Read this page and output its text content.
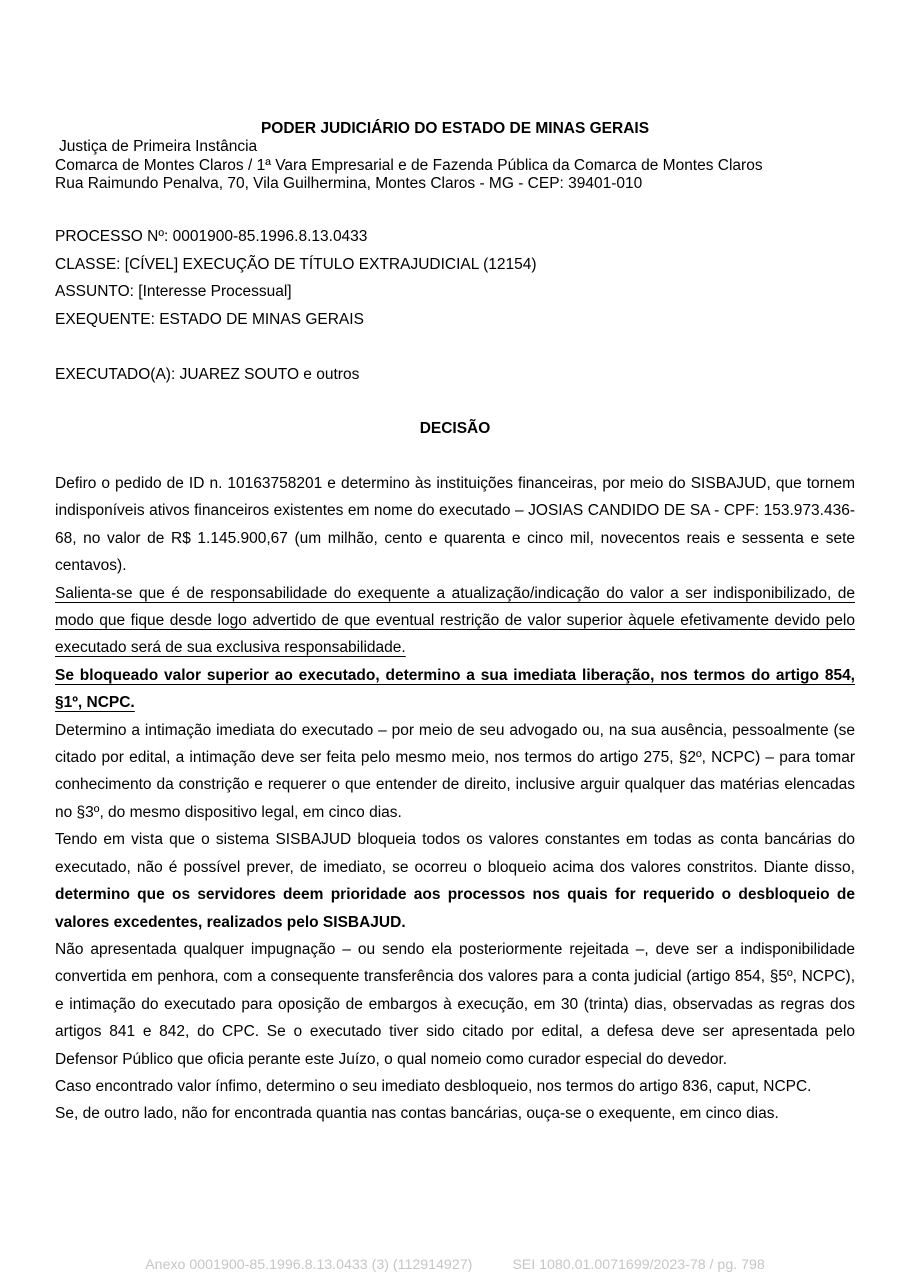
PODER JUDICIÁRIO DO ESTADO DE MINAS GERAIS
Justiça de Primeira Instância
Comarca de Montes Claros / 1ª Vara Empresarial e de Fazenda Pública da Comarca de Montes Claros
Rua Raimundo Penalva, 70, Vila Guilhermina, Montes Claros - MG - CEP: 39401-010
PROCESSO Nº: 0001900-85.1996.8.13.0433
CLASSE: [CÍVEL] EXECUÇÃO DE TÍTULO EXTRAJUDICIAL (12154)
ASSUNTO: [Interesse Processual]
EXEQUENTE: ESTADO DE MINAS GERAIS
EXECUTADO(A): JUAREZ SOUTO e outros
DECISÃO

Defiro o pedido de ID n. 10163758201 e determino às instituições financeiras, por meio do SISBAJUD, que tornem indisponíveis ativos financeiros existentes em nome do executado – JOSIAS CANDIDO DE SA - CPF: 153.973.436-68, no valor de R$ 1.145.900,67 (um milhão, cento e quarenta e cinco mil, novecentos reais e sessenta e sete centavos).

Salienta-se que é de responsabilidade do exequente a atualização/indicação do valor a ser indisponibilizado, de modo que fique desde logo advertido de que eventual restrição de valor superior àquele efetivamente devido pelo executado será de sua exclusiva responsabilidade.

Se bloqueado valor superior ao executado, determino a sua imediata liberação, nos termos do artigo 854, §1º, NCPC.

Determino a intimação imediata do executado – por meio de seu advogado ou, na sua ausência, pessoalmente (se citado por edital, a intimação deve ser feita pelo mesmo meio, nos termos do artigo 275, §2º, NCPC) – para tomar conhecimento da constrição e requerer o que entender de direito, inclusive arguir qualquer das matérias elencadas no §3º, do mesmo dispositivo legal, em cinco dias.

Tendo em vista que o sistema SISBAJUD bloqueia todos os valores constantes em todas as conta bancárias do executado, não é possível prever, de imediato, se ocorreu o bloqueio acima dos valores constritos. Diante disso, determino que os servidores deem prioridade aos processos nos quais for requerido o desbloqueio de valores excedentes, realizados pelo SISBAJUD.

Não apresentada qualquer impugnação – ou sendo ela posteriormente rejeitada –, deve ser a indisponibilidade convertida em penhora, com a consequente transferência dos valores para a conta judicial (artigo 854, §5º, NCPC), e intimação do executado para oposição de embargos à execução, em 30 (trinta) dias, observadas as regras dos artigos 841 e 842, do CPC. Se o executado tiver sido citado por edital, a defesa deve ser apresentada pelo Defensor Público que oficia perante este Juízo, o qual nomeio como curador especial do devedor.

Caso encontrado valor ínfimo, determino o seu imediato desbloqueio, nos termos do artigo 836, caput, NCPC.

Se, de outro lado, não for encontrada quantia nas contas bancárias, ouça-se o exequente, em cinco dias.

Anexo 0001900-85.1996.8.13.0433 (3) (112914927)	SEI 1080.01.0071699/2023-78 / pg. 798
